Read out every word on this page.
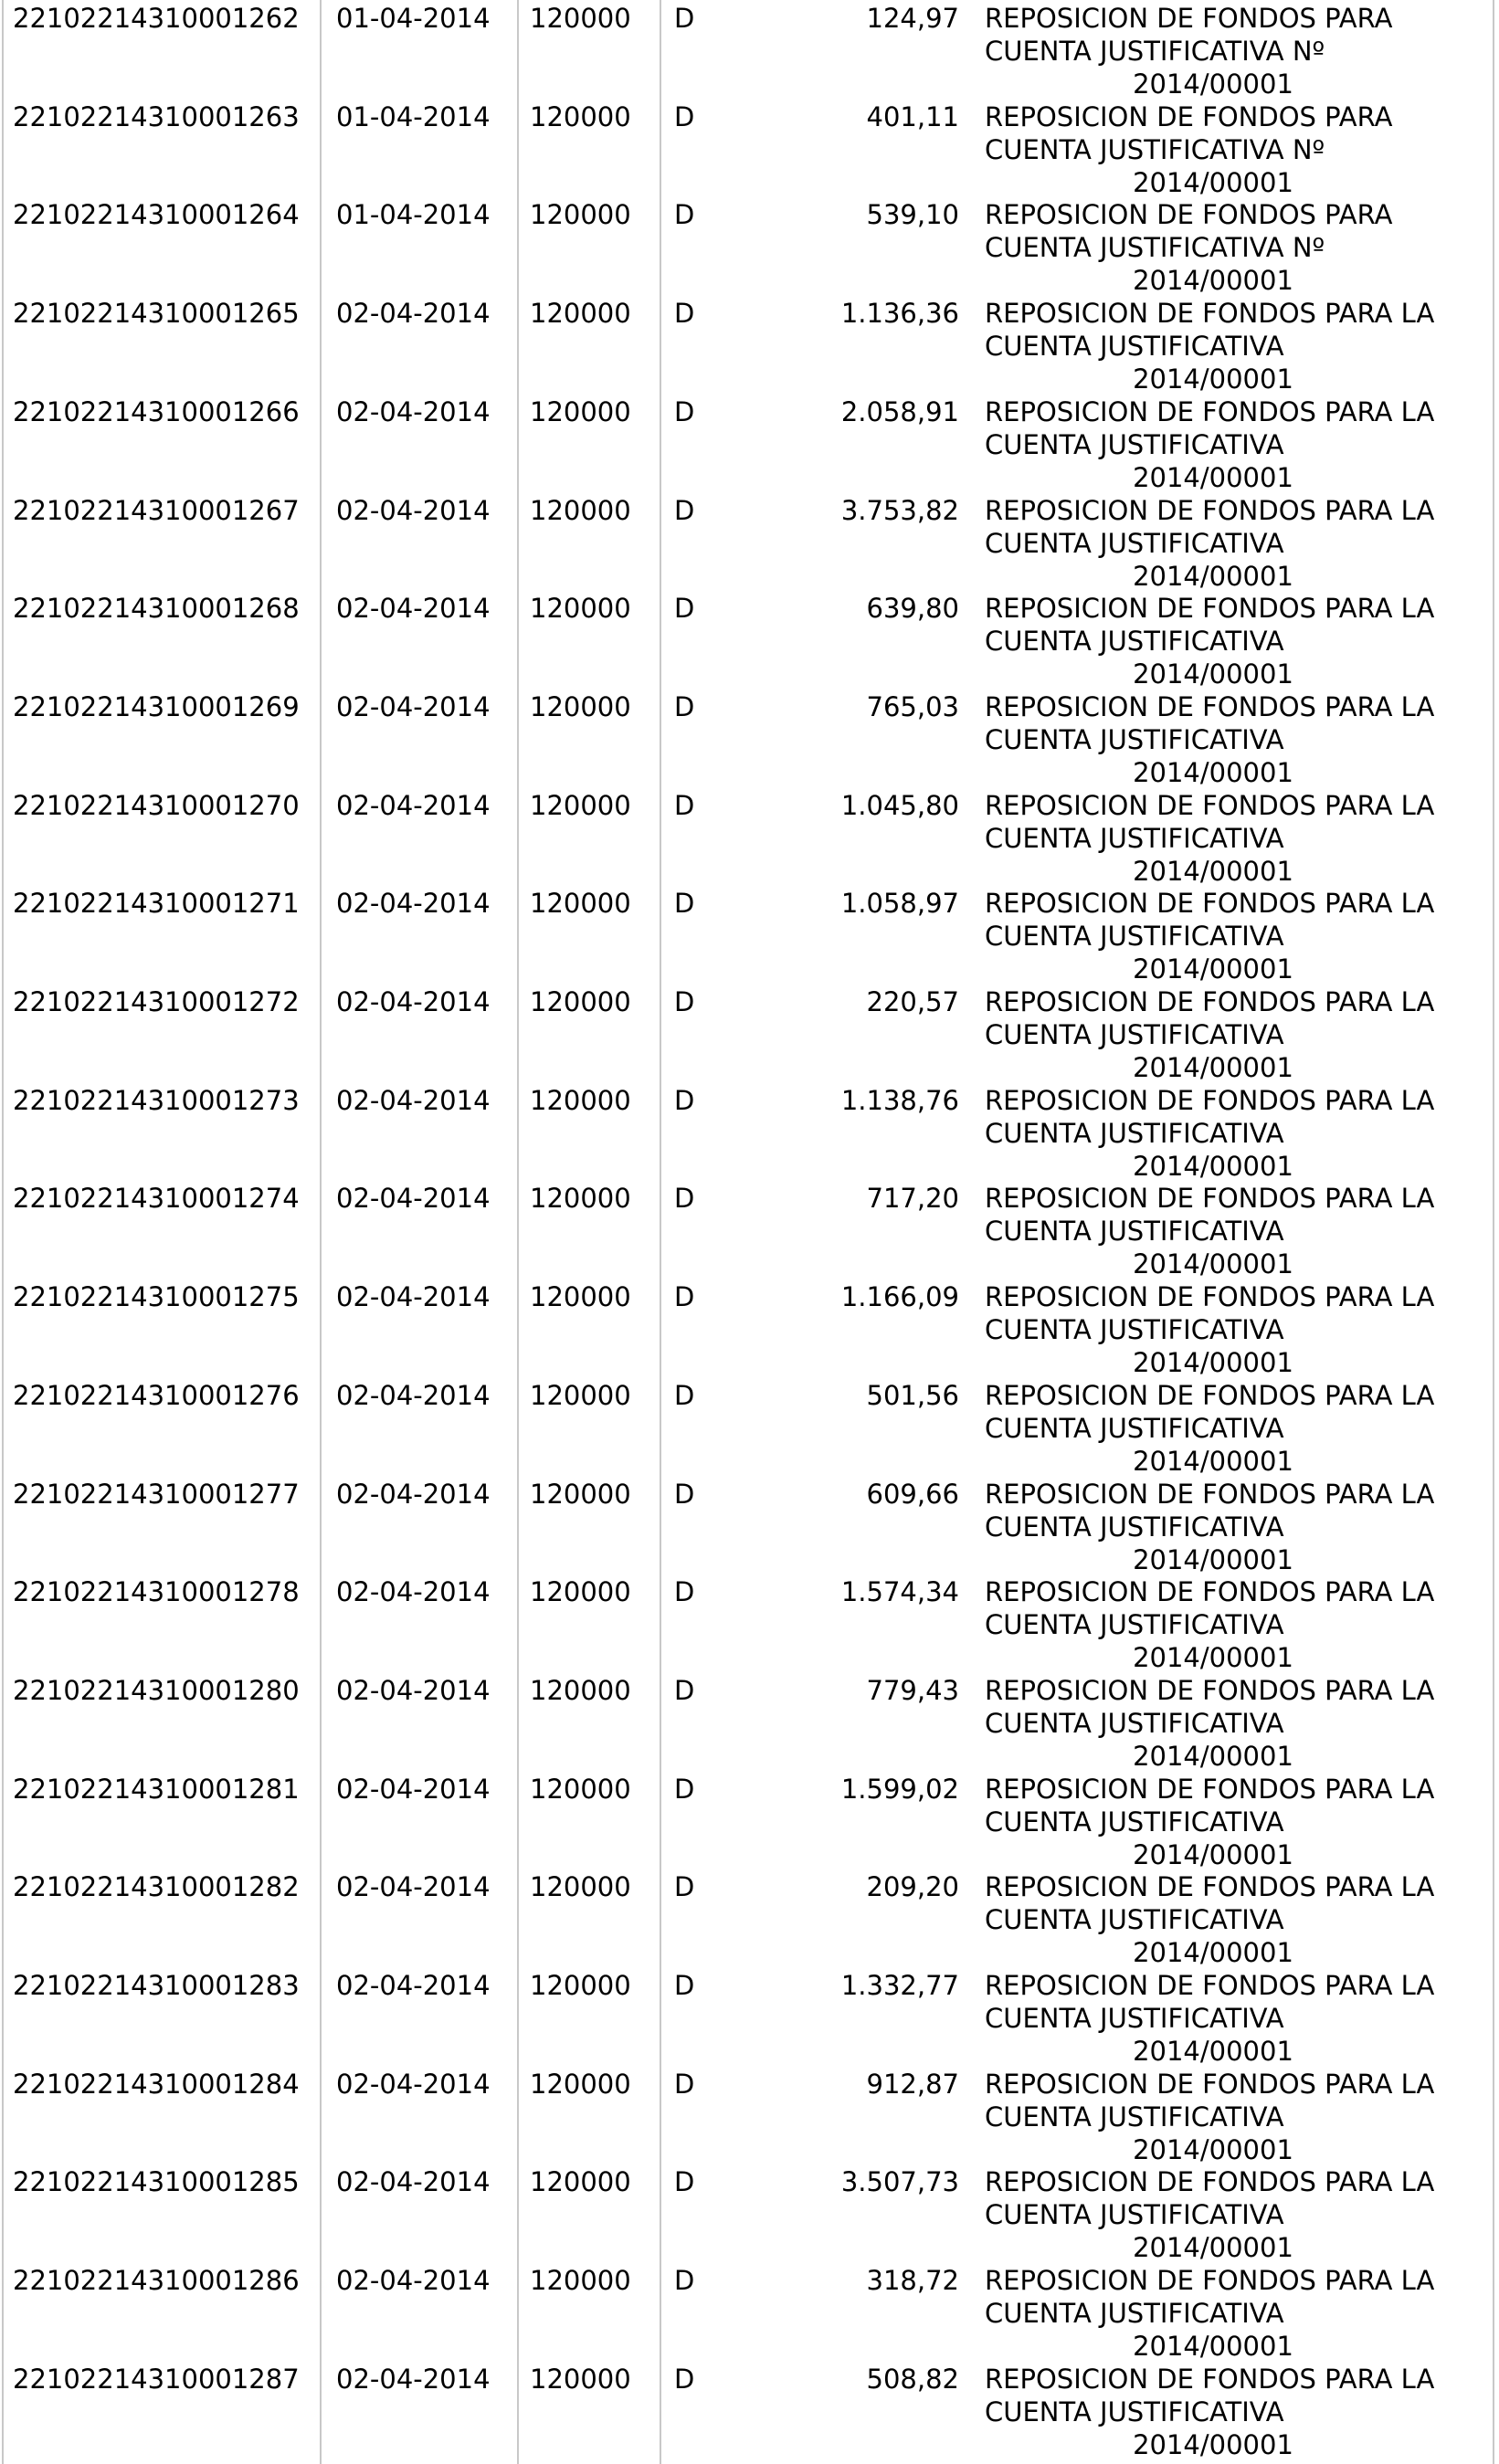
22102214310001262 01-04-2014 120000 D	124,97 REPOSICION DE FONDOS PARA
CUENTA JUSTIFICATIVA Nº
2014/00001
22102214310001263 01-04-2014 120000 D	401,11 REPOSICION DE FONDOS PARA
CUENTA JUSTIFICATIVA Nº
2014/00001
22102214310001264 01-04-2014 120000 D	539,10 REPOSICION DE FONDOS PARA
CUENTA JUSTIFICATIVA Nº
2014/00001
22102214310001265 02-04-2014 120000 D	1.136,36 REPOSICION DE FONDOS PARA LA
CUENTA JUSTIFICATIVA
2014/00001
22102214310001266 02-04-2014 120000 D	2.058,91 REPOSICION DE FONDOS PARA LA
CUENTA JUSTIFICATIVA
2014/00001
22102214310001267 02-04-2014 120000 D	3.753,82 REPOSICION DE FONDOS PARA LA
CUENTA JUSTIFICATIVA
2014/00001
22102214310001268 02-04-2014 120000 D	639,80 REPOSICION DE FONDOS PARA LA
CUENTA JUSTIFICATIVA
2014/00001
22102214310001269 02-04-2014 120000 D	765,03 REPOSICION DE FONDOS PARA LA
CUENTA JUSTIFICATIVA
2014/00001
22102214310001270 02-04-2014 120000 D	1.045,80 REPOSICION DE FONDOS PARA LA
CUENTA JUSTIFICATIVA
2014/00001
22102214310001271 02-04-2014 120000 D	1.058,97 REPOSICION DE FONDOS PARA LA
CUENTA JUSTIFICATIVA
2014/00001
22102214310001272 02-04-2014 120000 D	220,57 REPOSICION DE FONDOS PARA LA
CUENTA JUSTIFICATIVA
2014/00001
22102214310001273 02-04-2014 120000 D	1.138,76 REPOSICION DE FONDOS PARA LA
CUENTA JUSTIFICATIVA
2014/00001
22102214310001274 02-04-2014 120000 D	717,20 REPOSICION DE FONDOS PARA LA
CUENTA JUSTIFICATIVA
2014/00001
22102214310001275 02-04-2014 120000 D	1.166,09 REPOSICION DE FONDOS PARA LA
CUENTA JUSTIFICATIVA
2014/00001
22102214310001276 02-04-2014 120000 D	501,56 REPOSICION DE FONDOS PARA LA
CUENTA JUSTIFICATIVA
2014/00001
22102214310001277 02-04-2014 120000 D	609,66 REPOSICION DE FONDOS PARA LA
CUENTA JUSTIFICATIVA
2014/00001
22102214310001278 02-04-2014 120000 D	1.574,34 REPOSICION DE FONDOS PARA LA
CUENTA JUSTIFICATIVA
2014/00001
22102214310001280 02-04-2014 120000 D	779,43 REPOSICION DE FONDOS PARA LA
CUENTA JUSTIFICATIVA
2014/00001
22102214310001281 02-04-2014 120000 D	1.599,02 REPOSICION DE FONDOS PARA LA
CUENTA JUSTIFICATIVA
2014/00001
22102214310001282 02-04-2014 120000 D	209,20 REPOSICION DE FONDOS PARA LA
CUENTA JUSTIFICATIVA
2014/00001
22102214310001283 02-04-2014 120000 D	1.332,77 REPOSICION DE FONDOS PARA LA
CUENTA JUSTIFICATIVA
2014/00001
22102214310001284 02-04-2014 120000 D	912,87 REPOSICION DE FONDOS PARA LA
CUENTA JUSTIFICATIVA
2014/00001
22102214310001285 02-04-2014 120000 D	3.507,73 REPOSICION DE FONDOS PARA LA
CUENTA JUSTIFICATIVA
2014/00001
22102214310001286 02-04-2014 120000 D	318,72 REPOSICION DE FONDOS PARA LA
CUENTA JUSTIFICATIVA
2014/00001
22102214310001287 02-04-2014 120000 D	508,82 REPOSICION DE FONDOS PARA LA
CUENTA JUSTIFICATIVA
2014/00001
